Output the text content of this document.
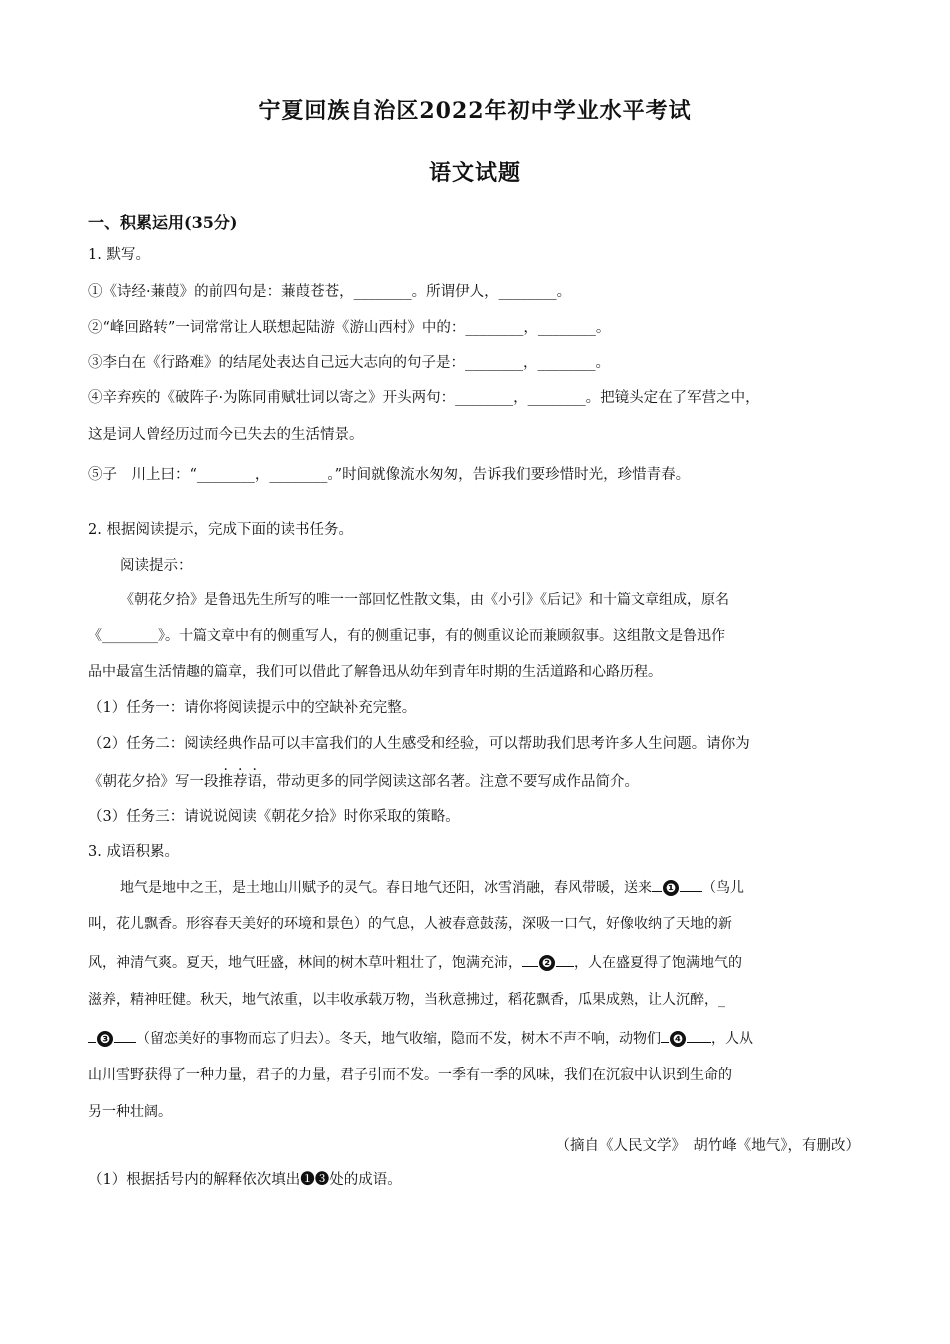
宁夏回族自治区2022年初中学业水平考试
语文试题
一、积累运用(35分)
1. 默写。
①《诗经·蒹葭》的前四句是：蒹葭苍苍，________。所谓伊人，________。
②“峰回路转”一词常常让人联想起陆游《游山西村》中的：________，________。
③李白在《行路难》的结尾处表达自己远大志向的句子是：________，________。
④辛弃疾的《破阵子·为陈同甫赋壮词以寄之》开头两句：________，________。把镜头定在了军营之中，
这是词人曾经历过而今已失去的生活情景。
⑤子　川上曰：“________，________。”时间就像流水匆匆，告诉我们要珍惜时光，珍惜青春。
2. 根据阅读提示，完成下面的读书任务。
阅读提示：
《朝花夕拾》是鲁迅先生所写的唯一一部回忆性散文集，由《小引》《后记》和十篇文章组成，原名
《________》。十篇文章中有的侧重写人，有的侧重记事，有的侧重议论而兼顾叙事。这组散文是鲁迅作
品中最富生活情趣的篇章，我们可以借此了解鲁迅从幼年到青年时期的生活道路和心路历程。
（1）任务一：请你将阅读提示中的空缺补充完整。
（2）任务二：阅读经典作品可以丰富我们的人生感受和经验，可以帮助我们思考许多人生问题。请你为
《朝花夕拾》写一段推荐语，带动更多的同学阅读这部名著。注意不要写成作品简介。
（3）任务三：请说说阅读《朝花夕拾》时你采取的策略。
3. 成语积累。
地气是地中之王，是土地山川赋予的灵气。春日地气还阳，冰雪消融，春风带暖，送来 ❶ （鸟儿
叫，花儿飘香。形容春天美好的环境和景色）的气息，人被春意鼓荡，深吸一口气，好像收纳了天地的新
风，神清气爽。夏天，地气旺盛，林间的树木草叶粗壮了，饱满充沛， ❷ ，人在盛夏得了饱满地气的
滋养，精神旺健。秋天，地气浓重，以丰收承载万物，当秋意拂过，稻花飘香，瓜果成熟，让人沉醉，_
❸ （留恋美好的事物而忘了归去）。冬天，地气收缩，隐而不发，树木不声不响，动物们 ❹ ，人从
山川雪野获得了一种力量，君子的力量，君子引而不发。一季有一季的风味，我们在沉寂中认识到生命的
另一种壮阔。
（摘自《人民文学》　胡竹峰《地气》，有删改）
（1）根据括号内的解释依次填出❶❸处的成语。
